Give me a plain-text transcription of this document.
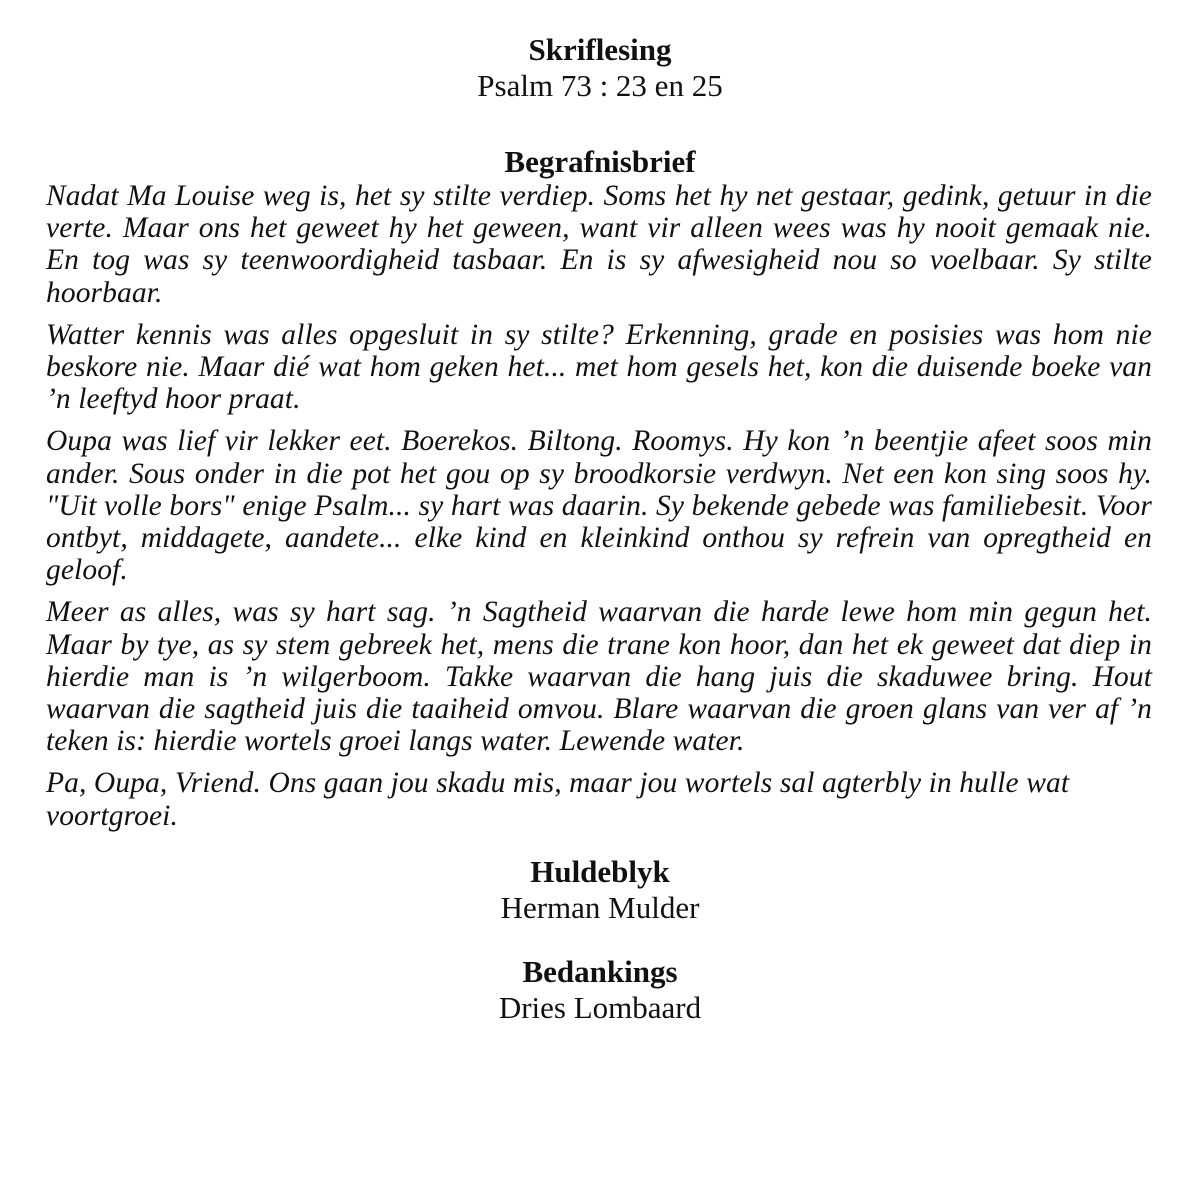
Skriflesing

Psalm 73 : 23 en 25

Begrafnisbrief

Nadat Ma Louise weg is, het sy stilte verdiep. Soms het hy net gestaar, gedink, getuur in die verte. Maar ons het geweet hy het geween, want vir alleen wees was hy nooit gemaak nie. En tog was sy teenwoordigheid tasbaar. En is sy afwesigheid nou so voelbaar. Sy stilte hoorbaar.

Watter kennis was alles opgesluit in sy stilte? Erkenning, grade en posisies was hom nie beskore nie. Maar dié wat hom geken het... met hom gesels het, kon die duisende boeke van ’n leeftyd hoor praat.

Oupa was lief vir lekker eet. Boerekos. Biltong. Roomys. Hy kon ’n beentjie afeet soos min ander. Sous onder in die pot het gou op sy broodkorsie verdwyn. Net een kon sing soos hy. "Uit volle bors" enige Psalm... sy hart was daarin. Sy bekende gebede was familiebesit. Voor ontbyt, middagete, aandete... elke kind en kleinkind onthou sy refrein van opregtheid en geloof.

Meer as alles, was sy hart sag. ’n Sagtheid waarvan die harde lewe hom min gegun het. Maar by tye, as sy stem gebreek het, mens die trane kon hoor, dan het ek geweet dat diep in hierdie man is ’n wilgerboom. Takke waarvan die hang juis die skaduwee bring. Hout waarvan die sagtheid juis die taaiheid omvou. Blare waarvan die groen glans van ver af ’n teken is: hierdie wortels groei langs water. Lewende water.

Pa, Oupa, Vriend. Ons gaan jou skadu mis, maar jou wortels sal agterbly in hulle wat voortgroei.

Huldeblyk

Herman Mulder

Bedankings

Dries Lombaard
